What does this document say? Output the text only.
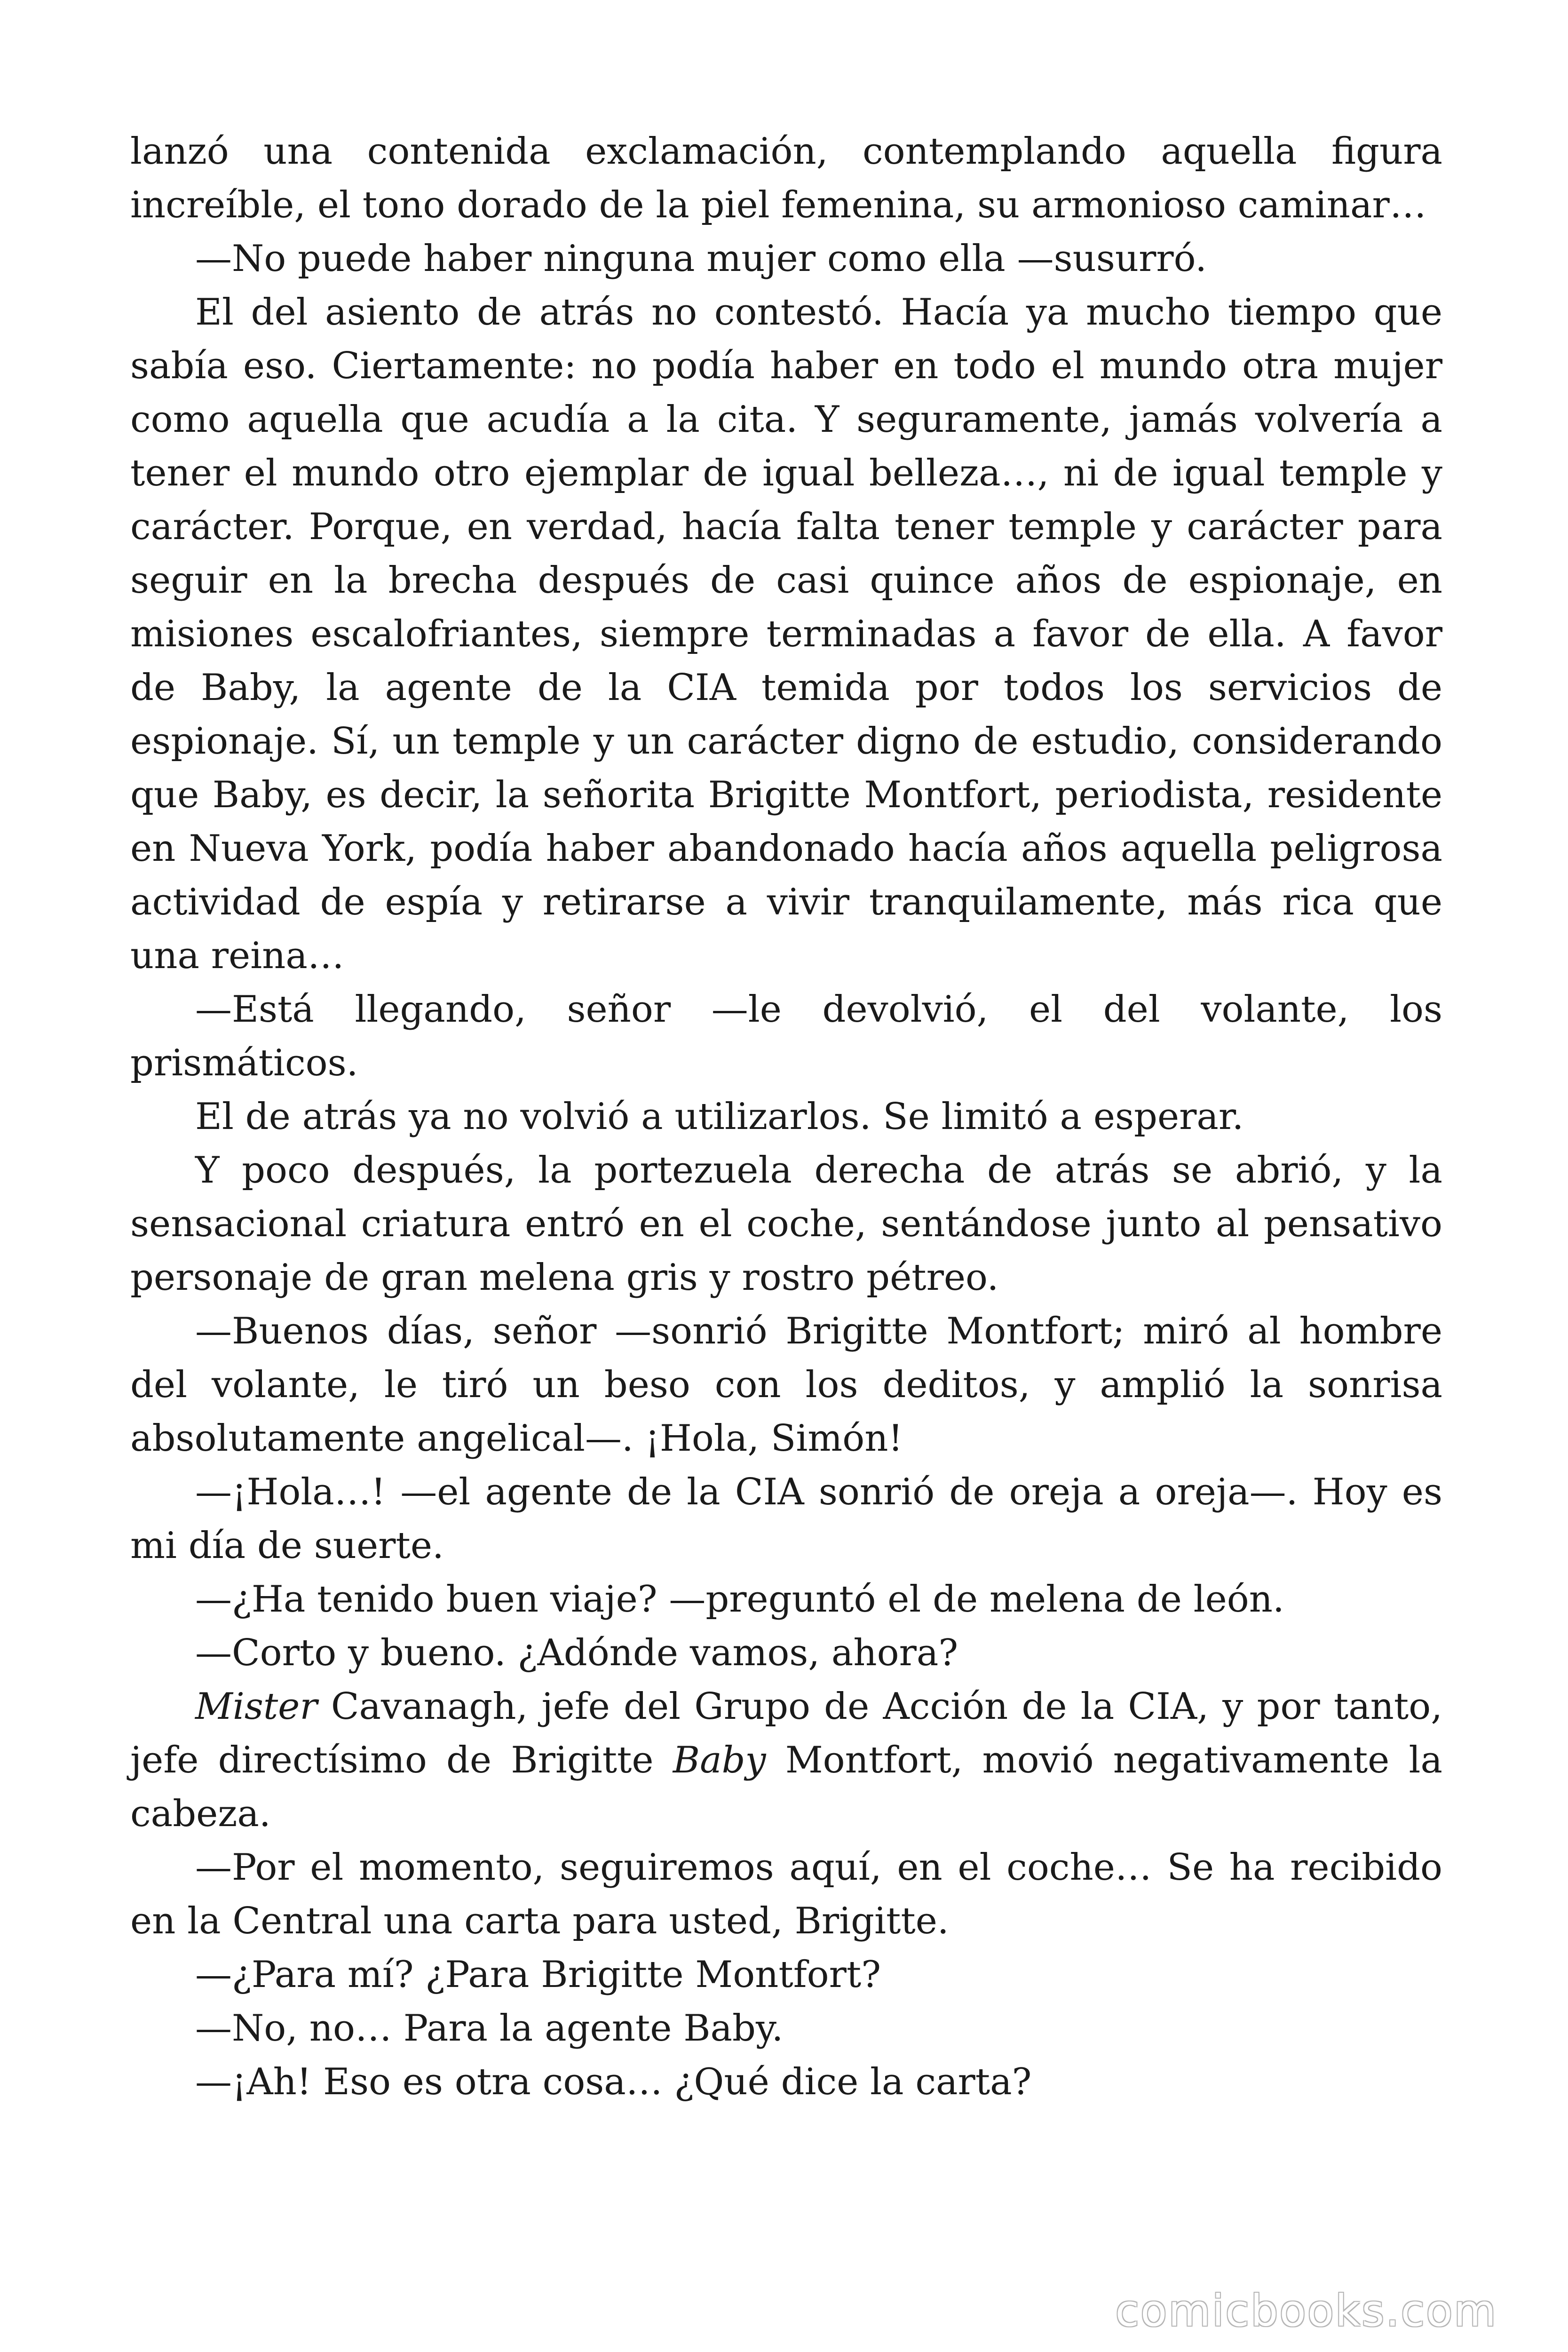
lanzó una contenida exclamación, contemplando aquella figura increíble, el tono dorado de la piel femenina, su armonioso caminar…

—No puede haber ninguna mujer como ella —susurró.

El del asiento de atrás no contestó. Hacía ya mucho tiempo que sabía eso. Ciertamente: no podía haber en todo el mundo otra mujer como aquella que acudía a la cita. Y seguramente, jamás volvería a tener el mundo otro ejemplar de igual belleza…, ni de igual temple y carácter. Porque, en verdad, hacía falta tener temple y carácter para seguir en la brecha después de casi quince años de espionaje, en misiones escalofriantes, siempre terminadas a favor de ella. A favor de Baby, la agente de la CIA temida por todos los servicios de espionaje. Sí, un temple y un carácter digno de estudio, considerando que Baby, es decir, la señorita Brigitte Montfort, periodista, residente en Nueva York, podía haber abandonado hacía años aquella peligrosa actividad de espía y retirarse a vivir tranquilamente, más rica que una reina…

—Está llegando, señor —le devolvió, el del volante, los prismáticos.

El de atrás ya no volvió a utilizarlos. Se limitó a esperar.

Y poco después, la portezuela derecha de atrás se abrió, y la sensacional criatura entró en el coche, sentándose junto al pensativo personaje de gran melena gris y rostro pétreo.

—Buenos días, señor —sonrió Brigitte Montfort; miró al hombre del volante, le tiró un beso con los deditos, y amplió la sonrisa absolutamente angelical—. ¡Hola, Simón!

—¡Hola…! —el agente de la CIA sonrió de oreja a oreja—. Hoy es mi día de suerte.

—¿Ha tenido buen viaje? —preguntó el de melena de león.

—Corto y bueno. ¿Adónde vamos, ahora?

Mister Cavanagh, jefe del Grupo de Acción de la CIA, y por tanto, jefe directísimo de Brigitte Baby Montfort, movió negativamente la cabeza.

—Por el momento, seguiremos aquí, en el coche… Se ha recibido en la Central una carta para usted, Brigitte.

—¿Para mí? ¿Para Brigitte Montfort?

—No, no… Para la agente Baby.

—¡Ah! Eso es otra cosa… ¿Qué dice la carta?

comicbooks.com
